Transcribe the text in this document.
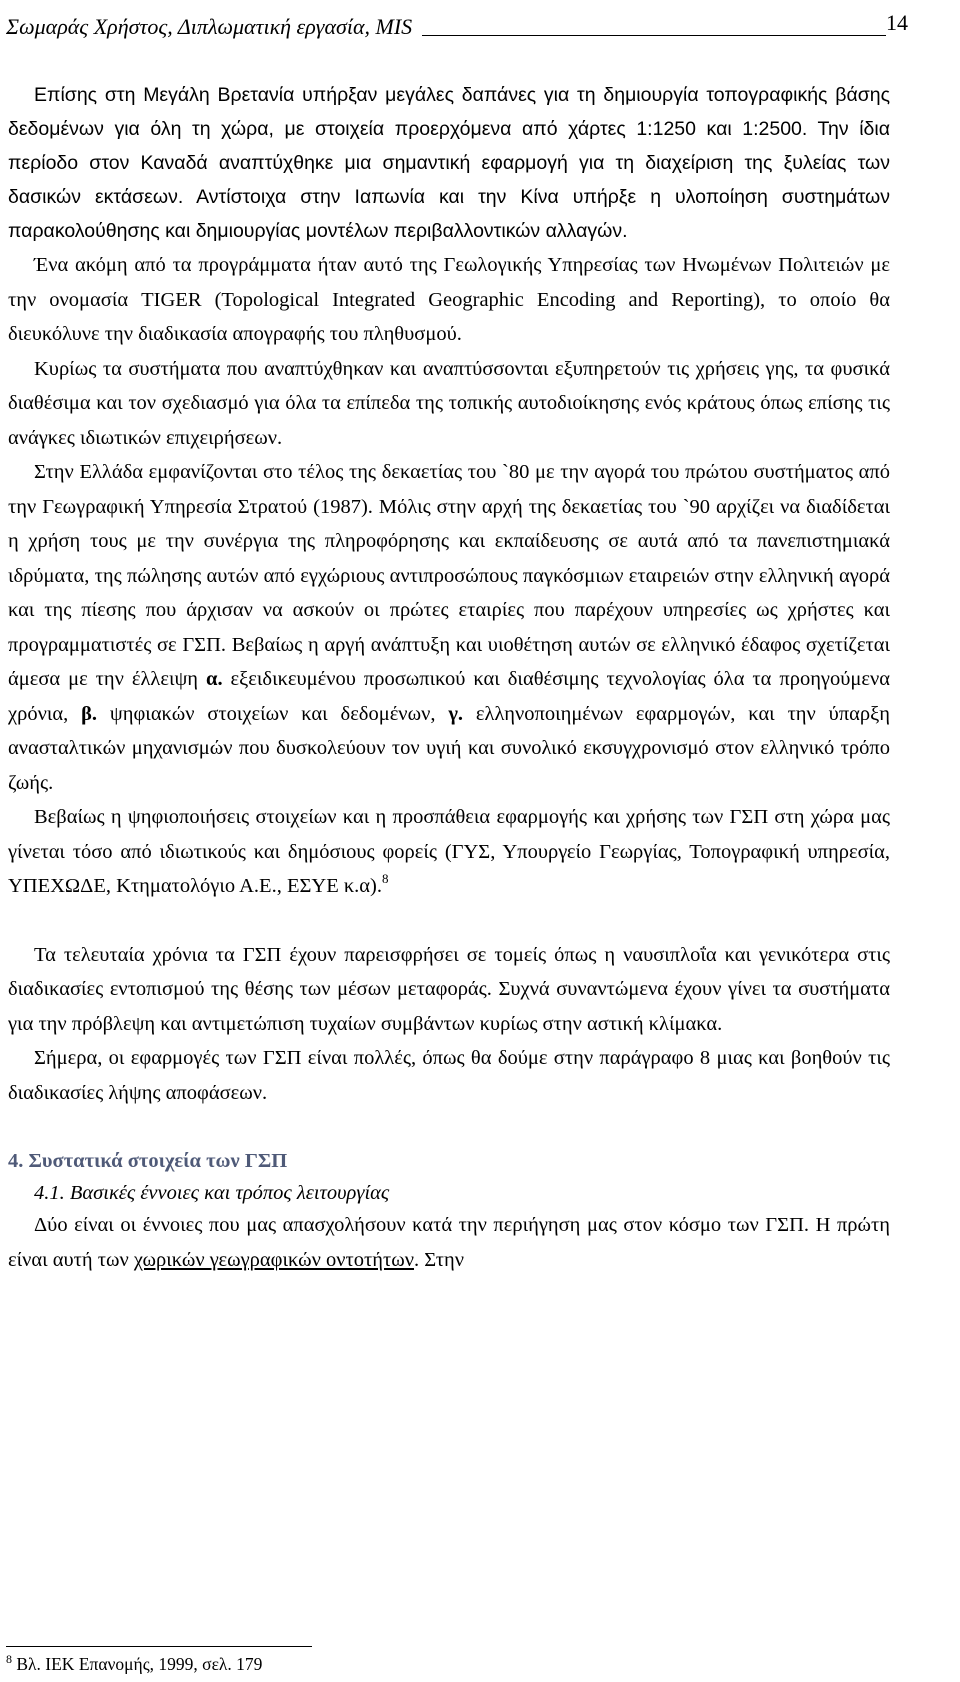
Σωμαράς Χρήστος, Διπλωματική εργασία, MIS	14

Επίσης στη Μεγάλη Βρετανία υπήρξαν μεγάλες δαπάνες για τη δημιουργία τοπογραφικής βάσης δεδομένων για όλη τη χώρα, με στοιχεία προερχόμενα από χάρτες 1:1250 και 1:2500. Την ίδια περίοδο στον Καναδά αναπτύχθηκε μια σημαντική εφαρμογή για τη διαχείριση της ξυλείας των δασικών εκτάσεων. Αντίστοιχα στην Ιαπωνία και την Κίνα υπήρξε η υλοποίηση συστημάτων παρακολούθησης και δημιουργίας μοντέλων περιβαλλοντικών αλλαγών.

Ένα ακόμη από τα προγράμματα ήταν αυτό της Γεωλογικής Υπηρεσίας των Ηνωμένων Πολιτειών με την ονομασία TIGER (Topological Integrated Geographic Encoding and Reporting), το οποίο θα διευκόλυνε την διαδικασία απογραφής του πληθυσμού.

Κυρίως τα συστήματα που αναπτύχθηκαν και αναπτύσσονται εξυπηρετούν τις χρήσεις γης, τα φυσικά διαθέσιμα και τον σχεδιασμό για όλα τα επίπεδα της τοπικής αυτοδιοίκησης ενός κράτους όπως επίσης τις ανάγκες ιδιωτικών επιχειρήσεων.

Στην Ελλάδα εμφανίζονται στο τέλος της δεκαετίας του `80 με την αγορά του πρώτου συστήματος από την Γεωγραφική Υπηρεσία Στρατού (1987). Μόλις στην αρχή της δεκαετίας του `90 αρχίζει να διαδίδεται η χρήση τους με την συνέργια της πληροφόρησης και εκπαίδευσης σε αυτά από τα πανεπιστημιακά ιδρύματα, της πώλησης αυτών από εγχώριους αντιπροσώπους παγκόσμιων εταιρειών στην ελληνική αγορά και της πίεσης που άρχισαν να ασκούν οι πρώτες εταιρίες που παρέχουν υπηρεσίες ως χρήστες και προγραμματιστές σε ΓΣΠ. Βεβαίως η αργή ανάπτυξη και υιοθέτηση αυτών σε ελληνικό έδαφος σχετίζεται άμεσα με την έλλειψη α. εξειδικευμένου προσωπικού και διαθέσιμης τεχνολογίας όλα τα προηγούμενα χρόνια, β. ψηφιακών στοιχείων και δεδομένων, γ. ελληνοποιημένων εφαρμογών, και την ύπαρξη ανασταλτικών μηχανισμών που δυσκολεύουν τον υγιή και συνολικό εκσυγχρονισμό στον ελληνικό τρόπο ζωής.

Βεβαίως η ψηφιοποιήσεις στοιχείων και η προσπάθεια εφαρμογής και χρήσης των ΓΣΠ στη χώρα μας γίνεται τόσο από ιδιωτικούς και δημόσιους φορείς (ΓΥΣ, Υπουργείο Γεωργίας, Τοπογραφική υπηρεσία, ΥΠΕΧΩΔΕ, Κτηματολόγιο Α.Ε., ΕΣΥΕ κ.α).$^8$

Τα τελευταία χρόνια τα ΓΣΠ έχουν παρεισφρήσει σε τομείς όπως η ναυσιπλοΐα και γενικότερα στις διαδικασίες εντοπισμού της θέσης των μέσων μεταφοράς. Συχνά συναντώμενα έχουν γίνει τα συστήματα για την πρόβλεψη και αντιμετώπιση τυχαίων συμβάντων κυρίως στην αστική κλίμακα.

Σήμερα, οι εφαρμογές των ΓΣΠ είναι πολλές, όπως θα δούμε στην παράγραφο 8 μιας και βοηθούν τις διαδικασίες λήψης αποφάσεων.

4. Συστατικά στοιχεία των ΓΣΠ
4.1. Βασικές έννοιες και τρόπος λειτουργίας

Δύο είναι οι έννοιες που μας απασχολήσουν κατά την περιήγηση μας στον κόσμο των ΓΣΠ. Η πρώτη είναι αυτή των χωρικών γεωγραφικών οντοτήτων. Στην

$^8$ Βλ. ΙΕΚ Επανομής, 1999, σελ. 179
